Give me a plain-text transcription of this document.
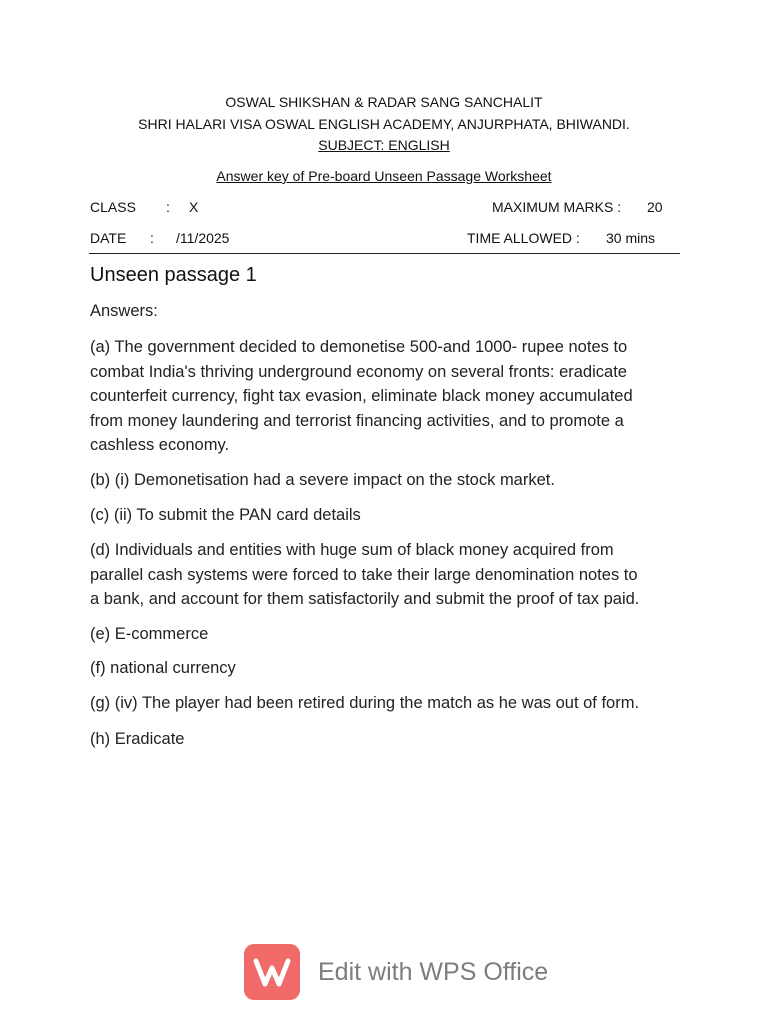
OSWAL SHIKSHAN & RADAR SANG SANCHALIT
SHRI HALARI VISA OSWAL ENGLISH ACADEMY, ANJURPHATA, BHIWANDI.
SUBJECT: ENGLISH
Answer key of Pre-board Unseen Passage Worksheet
CLASS : X	MAXIMUM MARKS : 20
DATE : /11/2025	TIME ALLOWED : 30 mins
Unseen passage 1
Answers:
(a) The government decided to demonetise 500-and 1000- rupee notes to
combat India's thriving underground economy on several fronts: eradicate
counterfeit currency, fight tax evasion, eliminate black money accumulated
from money laundering and terrorist financing activities, and to promote a
cashless economy.
(b) (i) Demonetisation had a severe impact on the stock market.
(c) (ii) To submit the PAN card details
(d) Individuals and entities with huge sum of black money acquired from
parallel cash systems were forced to take their large denomination notes to
a bank, and account for them satisfactorily and submit the proof of tax paid.
(e) E-commerce
(f) national currency
(g) (iv) The player had been retired during the match as he was out of form.
(h) Eradicate
Edit with WPS Office
